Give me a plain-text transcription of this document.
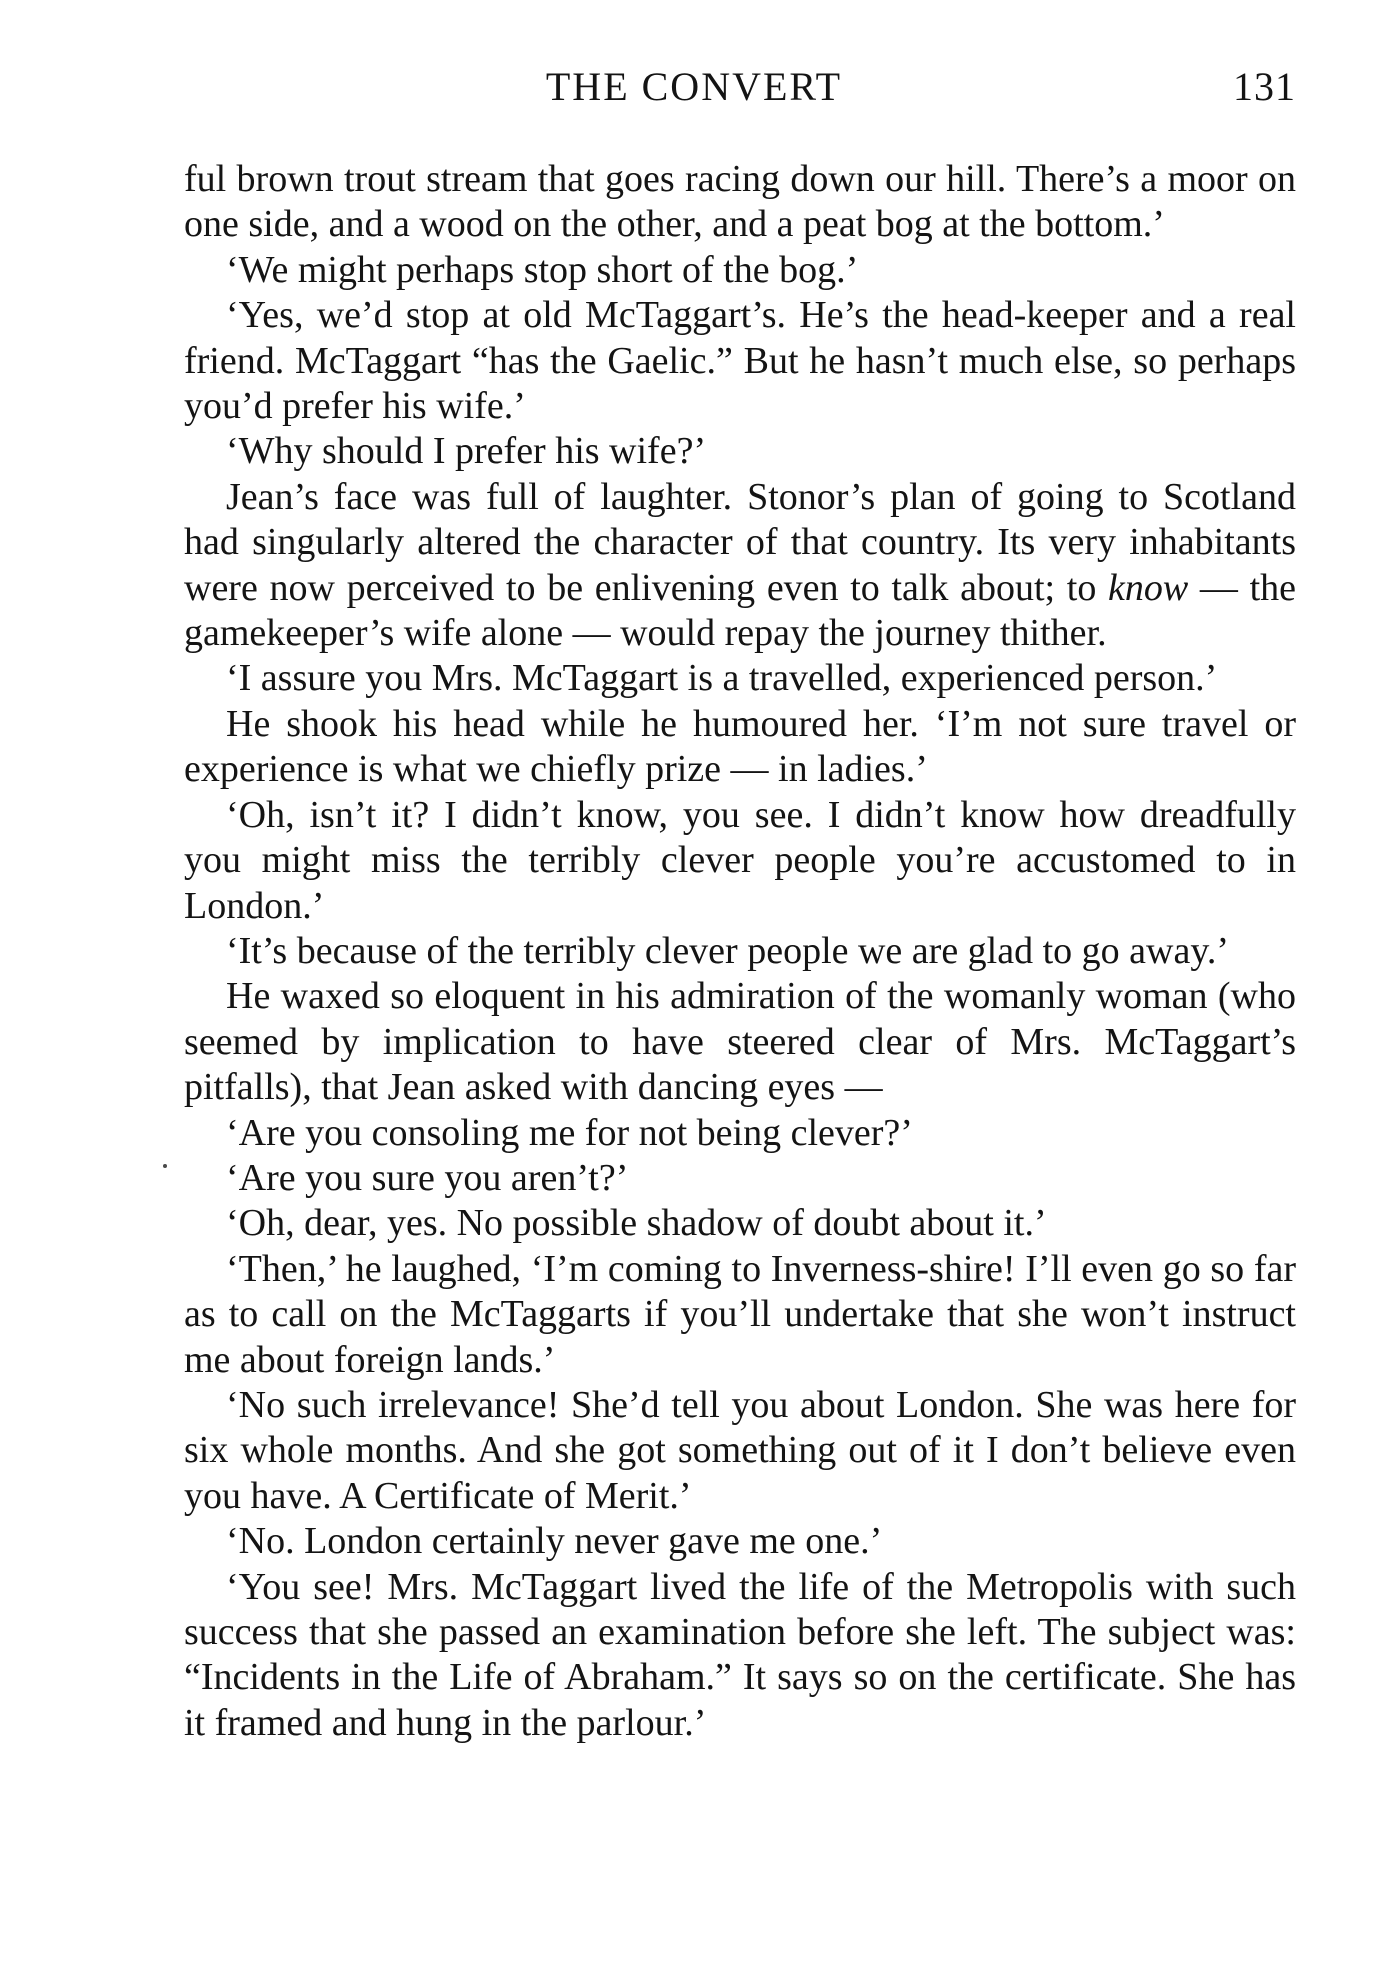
THE CONVERT	131

ful brown trout stream that goes racing down our hill. There’s a moor on one side, and a wood on the other, and a peat bog at the bottom.’

‘We might perhaps stop short of the bog.’

‘Yes, we’d stop at old McTaggart’s. He’s the head-keeper and a real friend. McTaggart “has the Gaelic.” But he hasn’t much else, so perhaps you’d prefer his wife.’

‘Why should I prefer his wife?’

Jean’s face was full of laughter. Stonor’s plan of going to Scotland had singularly altered the character of that country. Its very inhabitants were now perceived to be enlivening even to talk about; to know — the gamekeeper’s wife alone — would repay the journey thither.

‘I assure you Mrs. McTaggart is a travelled, experienced person.’

He shook his head while he humoured her. ‘I’m not sure travel or experience is what we chiefly prize — in ladies.’

‘Oh, isn’t it? I didn’t know, you see. I didn’t know how dreadfully you might miss the terribly clever people you’re accustomed to in London.’

‘It’s because of the terribly clever people we are glad to go away.’

He waxed so eloquent in his admiration of the womanly woman (who seemed by implication to have steered clear of Mrs. McTaggart’s pitfalls), that Jean asked with dancing eyes —

‘Are you consoling me for not being clever?’

‘Are you sure you aren’t?’

‘Oh, dear, yes. No possible shadow of doubt about it.’

‘Then,’ he laughed, ‘I’m coming to Inverness-shire! I’ll even go so far as to call on the McTaggarts if you’ll undertake that she won’t instruct me about foreign lands.’

‘No such irrelevance! She’d tell you about London. She was here for six whole months. And she got something out of it I don’t believe even you have. A Certificate of Merit.’

‘No. London certainly never gave me one.’

‘You see! Mrs. McTaggart lived the life of the Metropolis with such success that she passed an examination before she left. The subject was: “Incidents in the Life of Abraham.” It says so on the certificate. She has it framed and hung in the parlour.’
